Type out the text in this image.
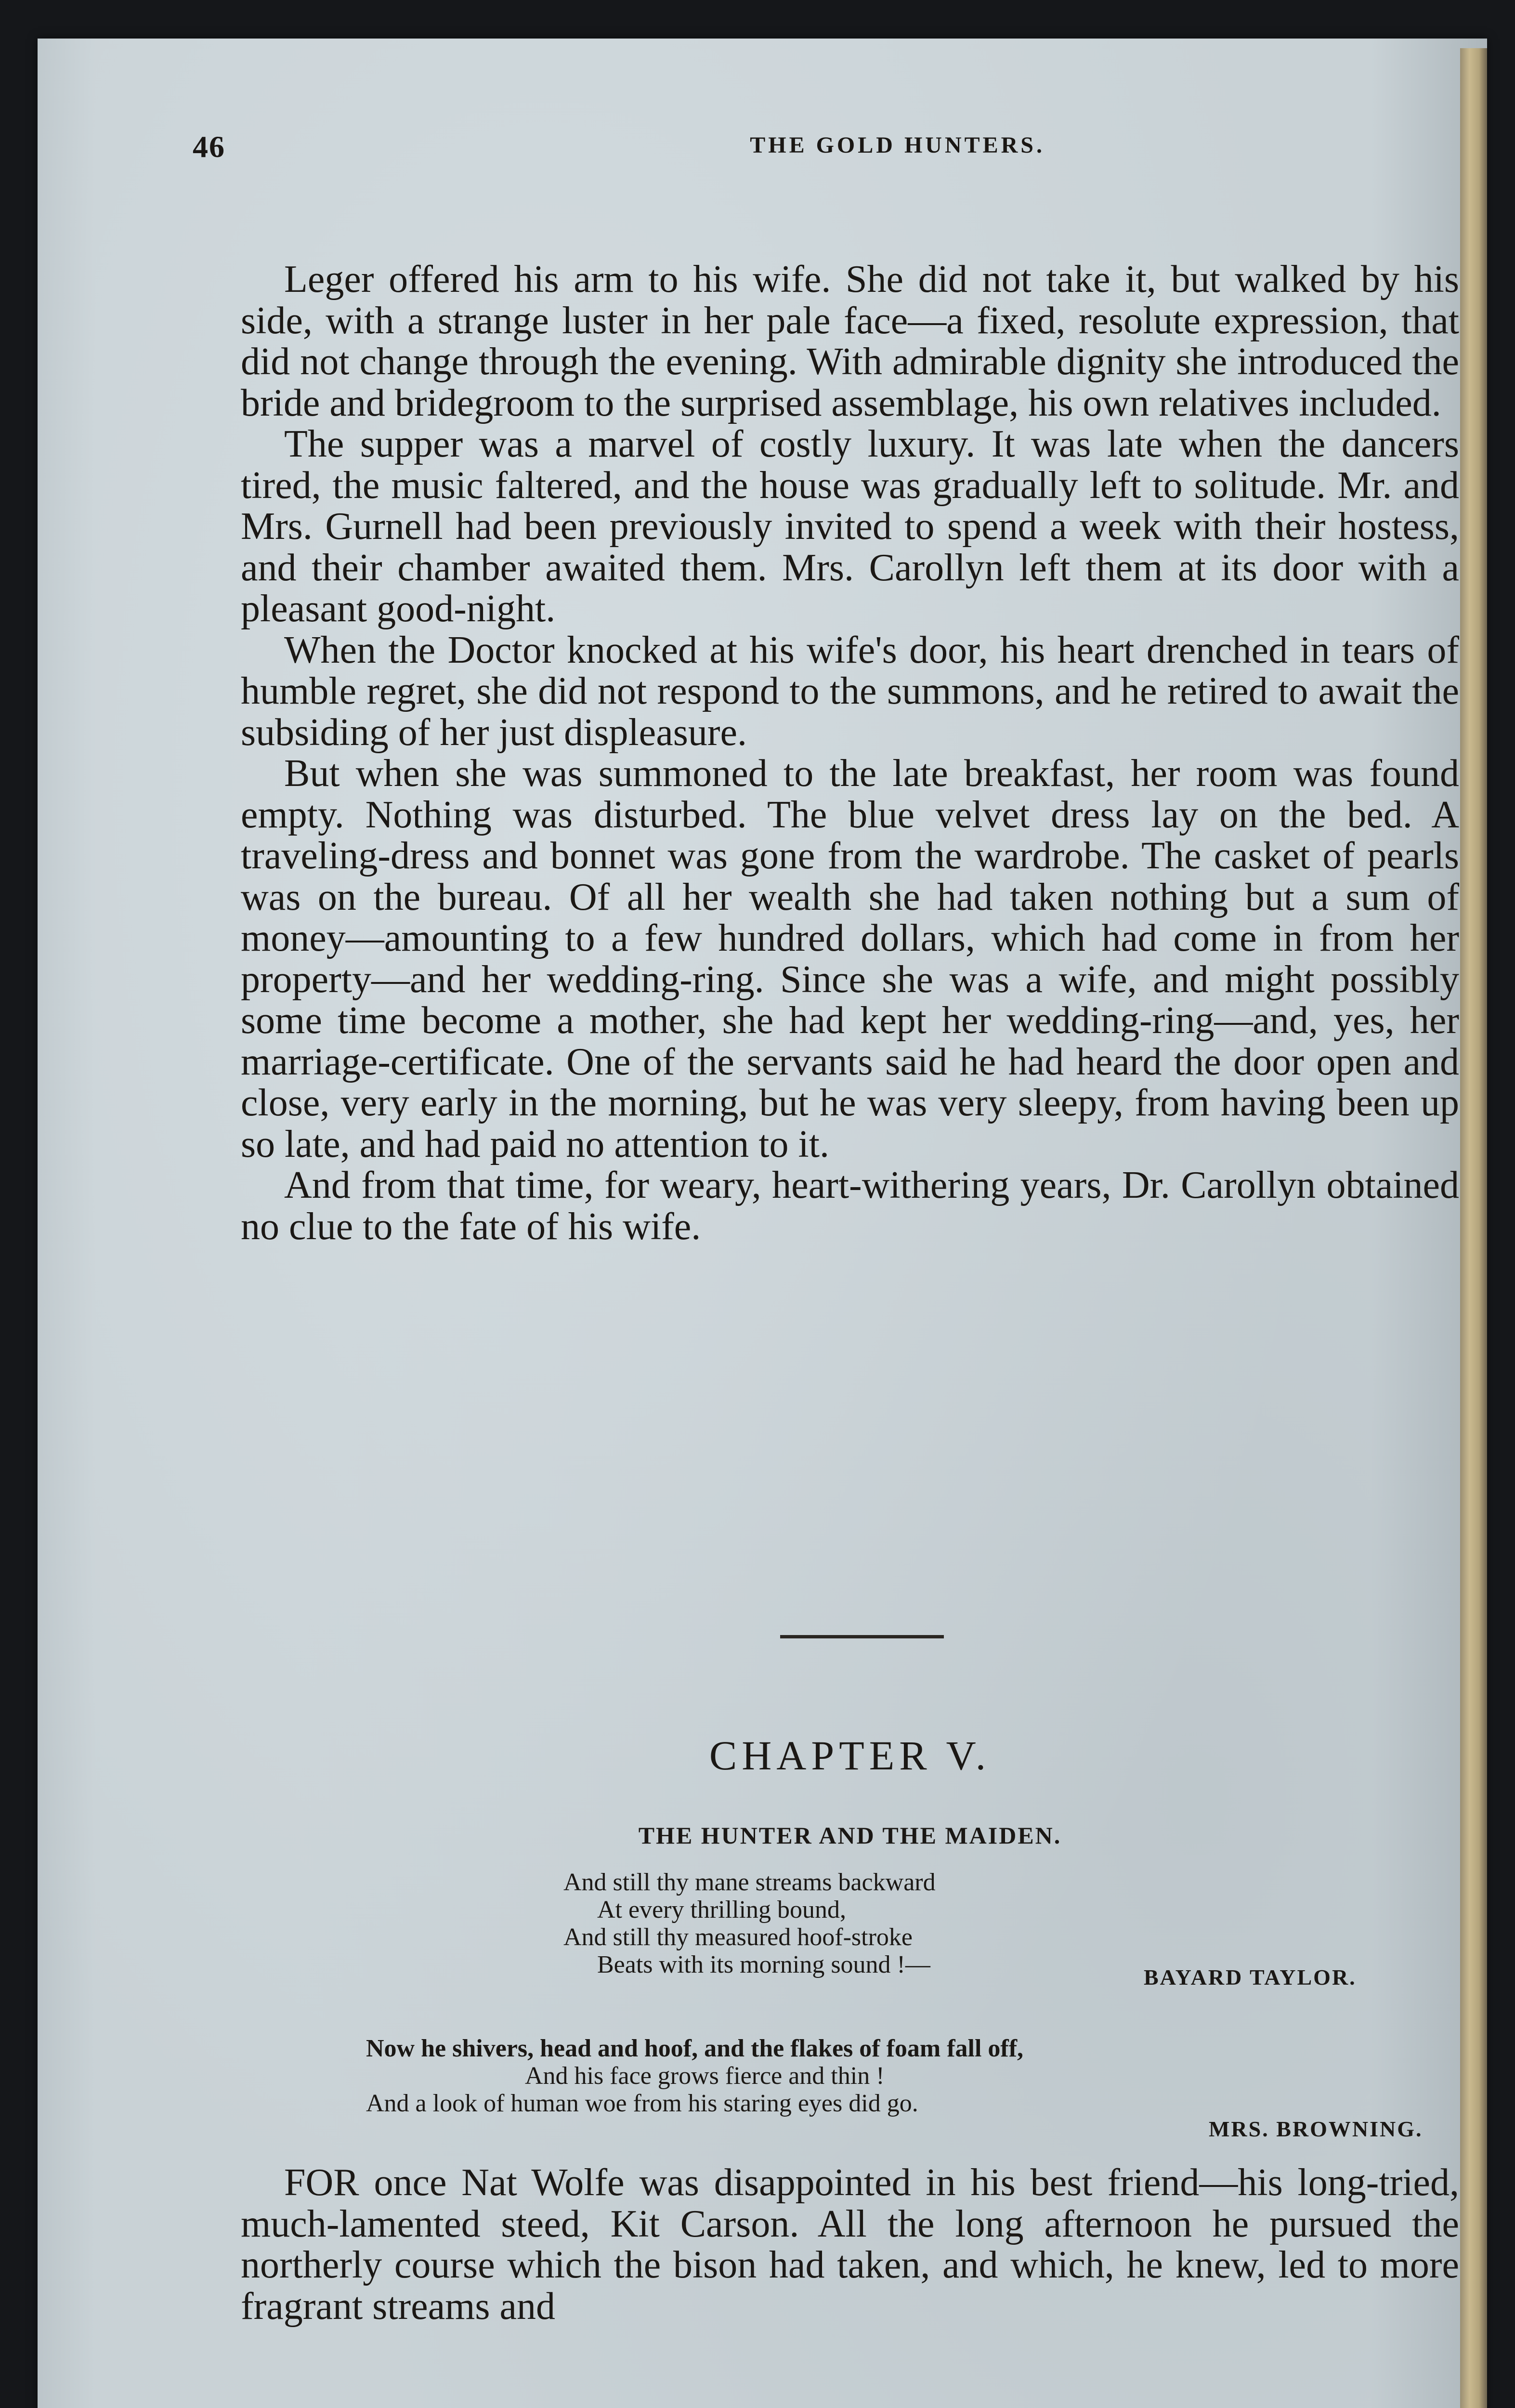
46	THE GOLD HUNTERS.

Leger offered his arm to his wife. She did not take it, but walked by his side, with a strange luster in her pale face—a fixed, resolute expression, that did not change through the evening. With admirable dignity she introduced the bride and bridegroom to the surprised assemblage, his own relatives included.

The supper was a marvel of costly luxury. It was late when the dancers tired, the music faltered, and the house was gradually left to solitude. Mr. and Mrs. Gurnell had been previously invited to spend a week with their hostess, and their chamber awaited them. Mrs. Carollyn left them at its door with a pleasant good-night.

When the Doctor knocked at his wife's door, his heart drenched in tears of humble regret, she did not respond to the summons, and he retired to await the subsiding of her just displeasure.

But when she was summoned to the late breakfast, her room was found empty. Nothing was disturbed. The blue velvet dress lay on the bed. A traveling-dress and bonnet was gone from the wardrobe. The casket of pearls was on the bureau. Of all her wealth she had taken nothing but a sum of money—amounting to a few hundred dollars, which had come in from her property—and her wedding-ring. Since she was a wife, and might possibly some time become a mother, she had kept her wedding-ring—and, yes, her marriage-certificate. One of the servants said he had heard the door open and close, very early in the morning, but he was very sleepy, from having been up so late, and had paid no attention to it.

And from that time, for weary, heart-withering years, Dr. Carollyn obtained no clue to the fate of his wife.

CHAPTER V.
THE HUNTER AND THE MAIDEN.
And still thy mane streams backward
At every thrilling bound,
And still thy measured hoof-stroke
Beats with its morning sound !—	BAYARD TAYLOR.
Now he shivers, head and hoof, and the flakes of foam fall off,
And his face grows fierce and thin !
And a look of human woe from his staring eyes did go.
MRS. BROWNING.

FOR once Nat Wolfe was disappointed in his best friend—his long-tried, much-lamented steed, Kit Carson. All the long afternoon he pursued the northerly course which the bison had taken, and which, he knew, led to more fragrant streams and
